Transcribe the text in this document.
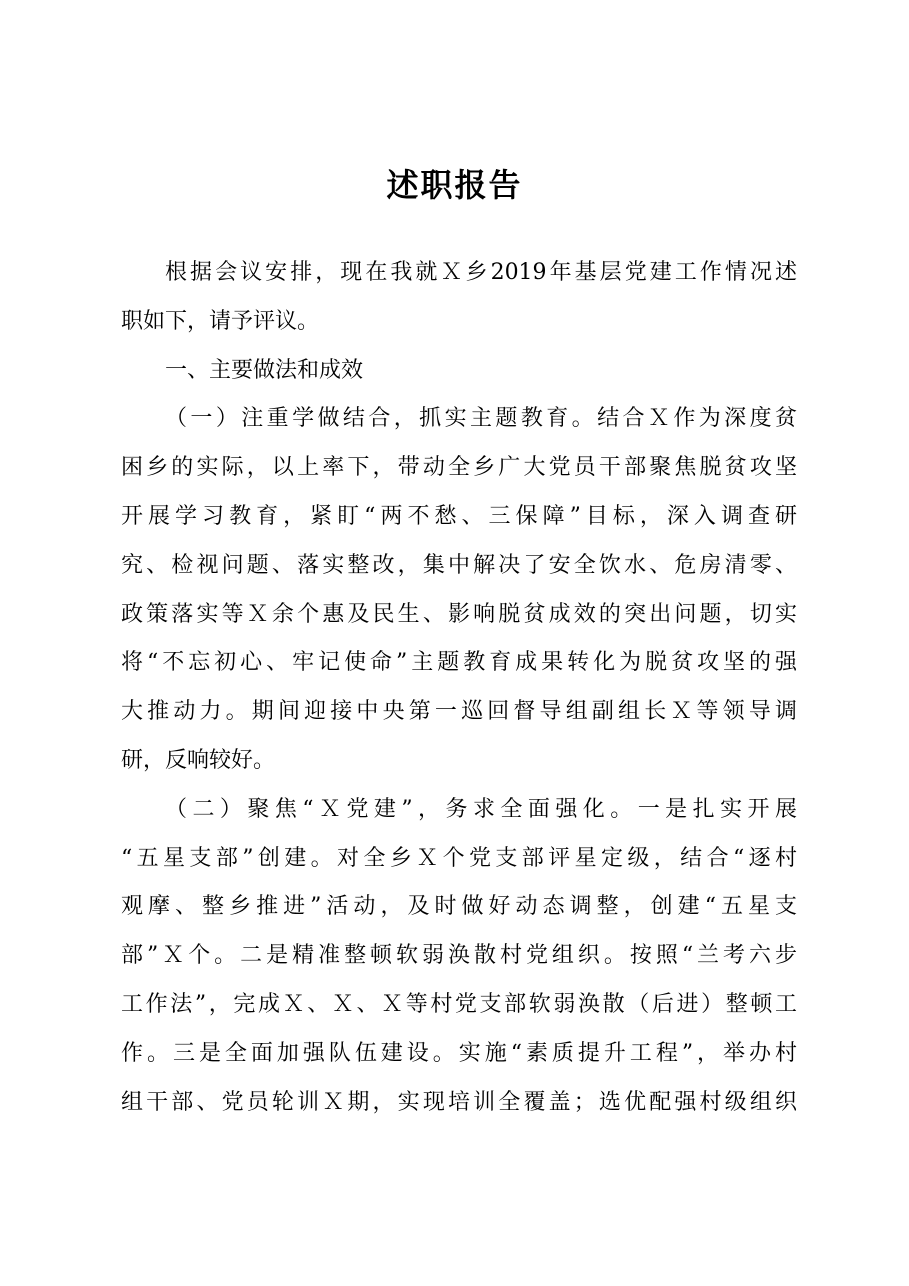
述职报告
根据会议安排，现在我就Ｘ乡2019年基层党建工作情况述
职如下，请予评议。
一、主要做法和成效
（一）注重学做结合，抓实主题教育。结合Ｘ作为深度贫
困乡的实际，以上率下，带动全乡广大党员干部聚焦脱贫攻坚
开展学习教育，紧盯“两不愁、三保障”目标，深入调查研
究、检视问题、落实整改，集中解决了安全饮水、危房清零、
政策落实等Ｘ余个惠及民生、影响脱贫成效的突出问题，切实
将“不忘初心、牢记使命”主题教育成果转化为脱贫攻坚的强
大推动力。期间迎接中央第一巡回督导组副组长Ｘ等领导调
研，反响较好。
（二）聚焦“Ｘ党建”，务求全面强化。一是扎实开展
“五星支部”创建。对全乡Ｘ个党支部评星定级，结合“逐村
观摩、整乡推进”活动，及时做好动态调整，创建“五星支
部”Ｘ个。二是精准整顿软弱涣散村党组织。按照“兰考六步
工作法”，完成Ｘ、Ｘ、Ｘ等村党支部软弱涣散（后进）整顿工
作。三是全面加强队伍建设。实施“素质提升工程”，举办村
组干部、党员轮训Ｘ期，实现培训全覆盖；选优配强村级组织
